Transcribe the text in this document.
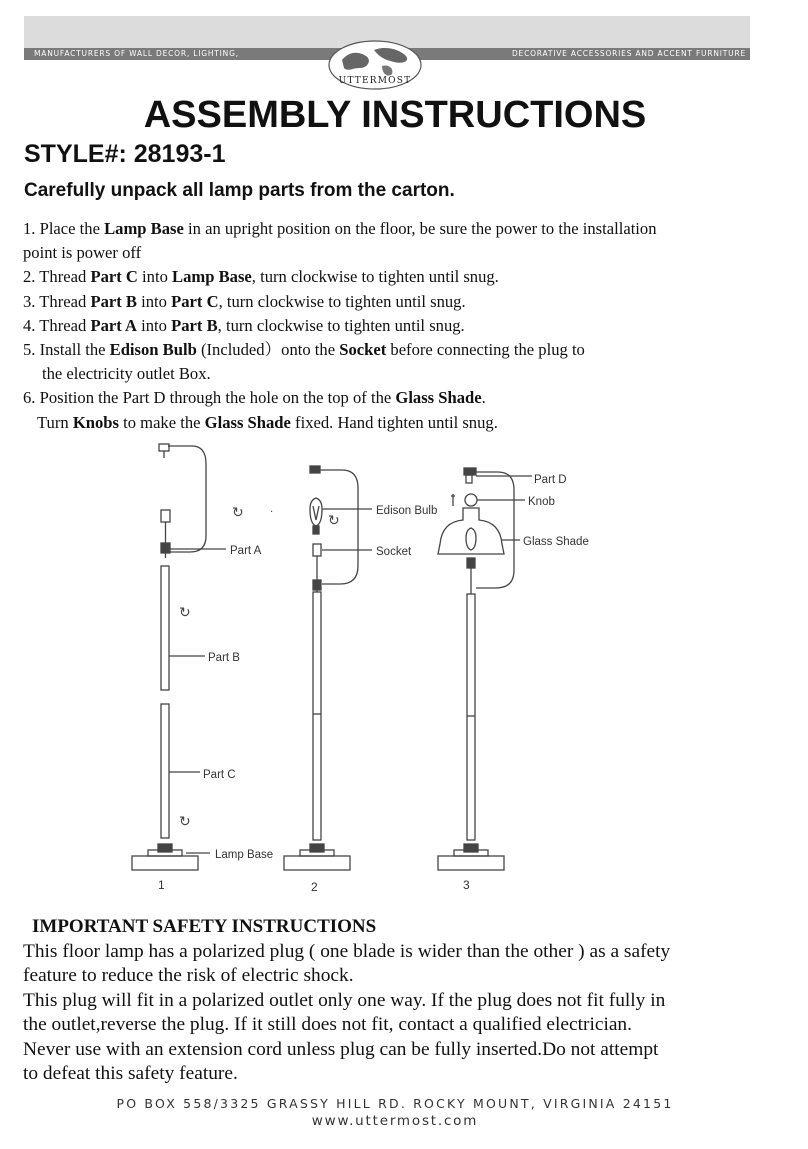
MANUFACTURERS OF WALL DECOR, LIGHTING,	DECORATIVE ACCESSORIES AND ACCENT FURNITURE
UTTERMOST
ASSEMBLY INSTRUCTIONS
STYLE#: 28193-1
Carefully unpack all lamp parts from the carton.
1. Place the Lamp Base in an upright position on the floor, be sure the power to the installation
point is power off
2. Thread Part C into Lamp Base, turn clockwise to tighten until snug.
3. Thread Part B into Part C, turn clockwise to tighten until snug.
4. Thread Part A into Part B, turn clockwise to tighten until snug.
5. Install the Edison Bulb (Included）onto the Socket before connecting the plug to
the electricity outlet Box.
6. Position the Part D through the hole on the top of the Glass Shade.
Turn Knobs to make the Glass Shade fixed. Hand tighten until snug.
↻	·
↻
↻
Part A
Part B
Part C
Lamp Base
1
↻
Edison Bulb
Socket
2
Part D
Knob
Glass Shade
3
IMPORTANT SAFETY INSTRUCTIONS
This floor lamp has a polarized plug ( one blade is wider than the other ) as a safety
feature to reduce the risk of electric shock.
This plug will fit in a polarized outlet only one way. If the plug does not fit fully in
the outlet,reverse the plug. If it still does not fit, contact a qualified electrician.
Never use with an extension cord unless plug can be fully inserted.Do not attempt
to defeat this safety feature.
PO BOX 558/3325 GRASSY HILL RD. ROCKY MOUNT, VIRGINIA 24151
www.uttermost.com
